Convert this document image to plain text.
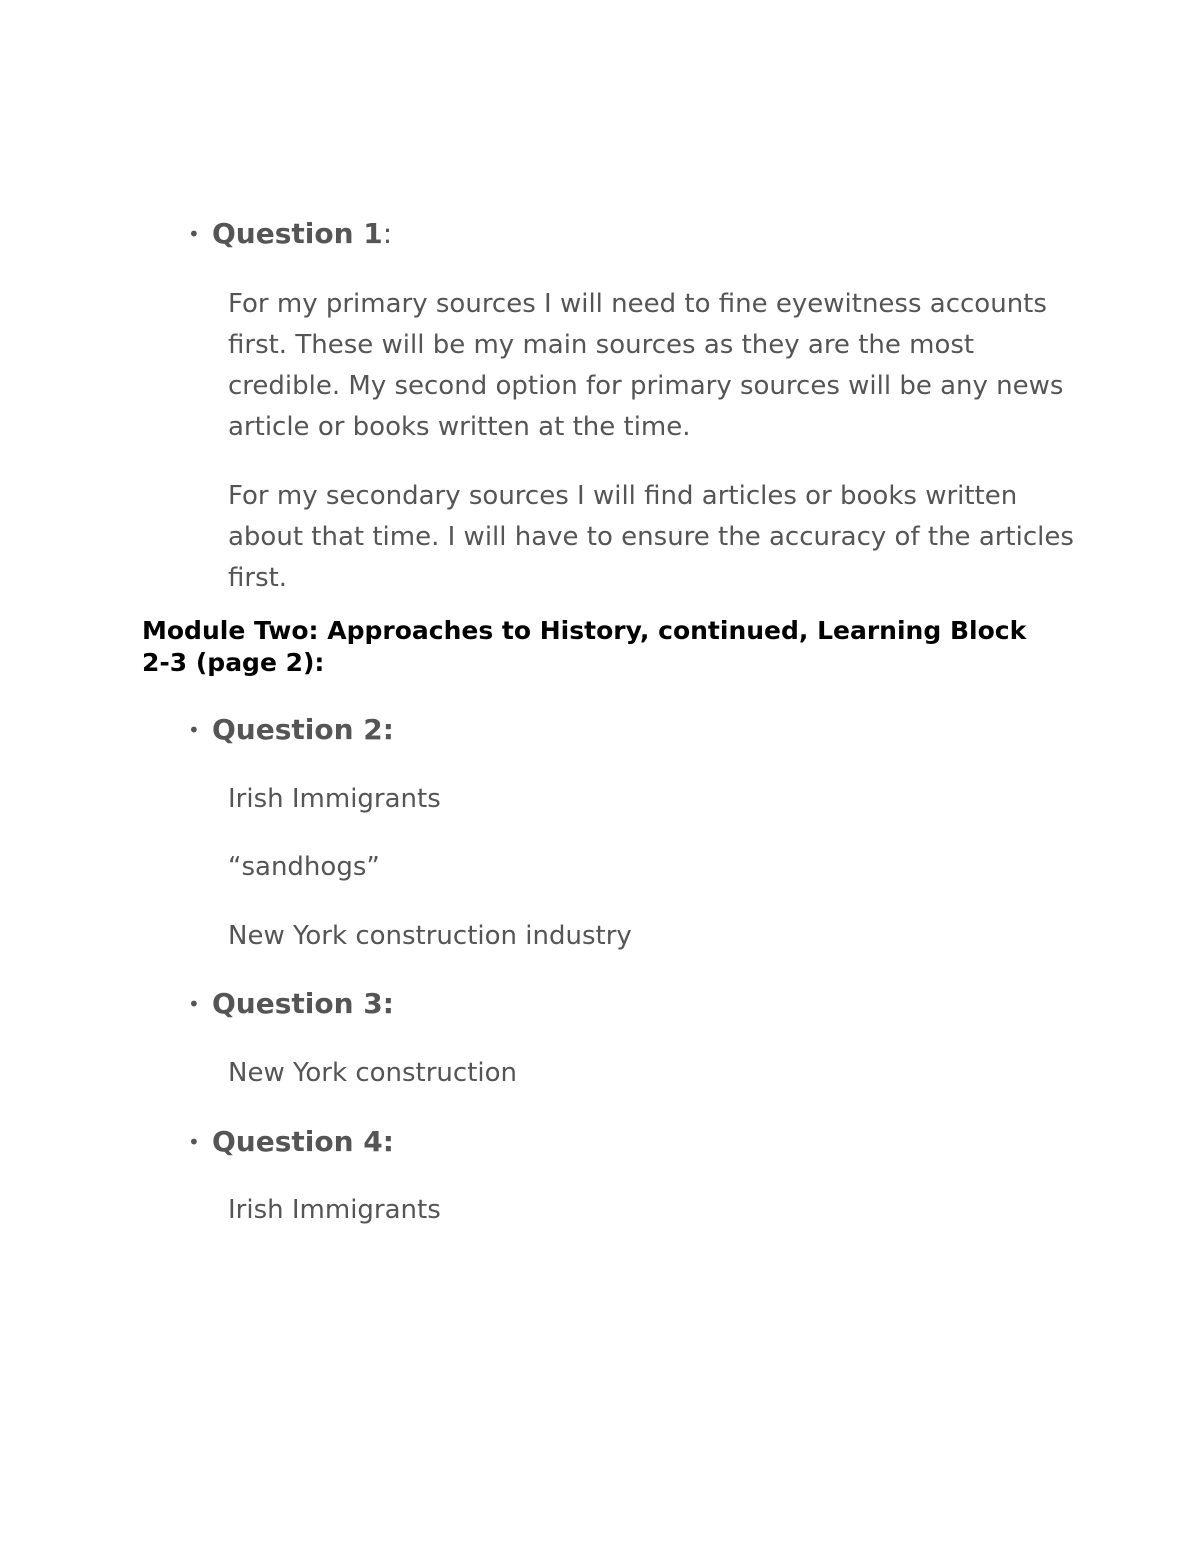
• Question 1:

For my primary sources I will need to fine eyewitness accounts first. These will be my main sources as they are the most credible. My second option for primary sources will be any news article or books written at the time.

For my secondary sources I will find articles or books written about that time. I will have to ensure the accuracy of the articles first.

Module Two: Approaches to History, continued, Learning Block 2-3 (page 2):

• Question 2:

Irish Immigrants

“sandhogs”

New York construction industry

• Question 3:

New York construction

• Question 4:

Irish Immigrants
